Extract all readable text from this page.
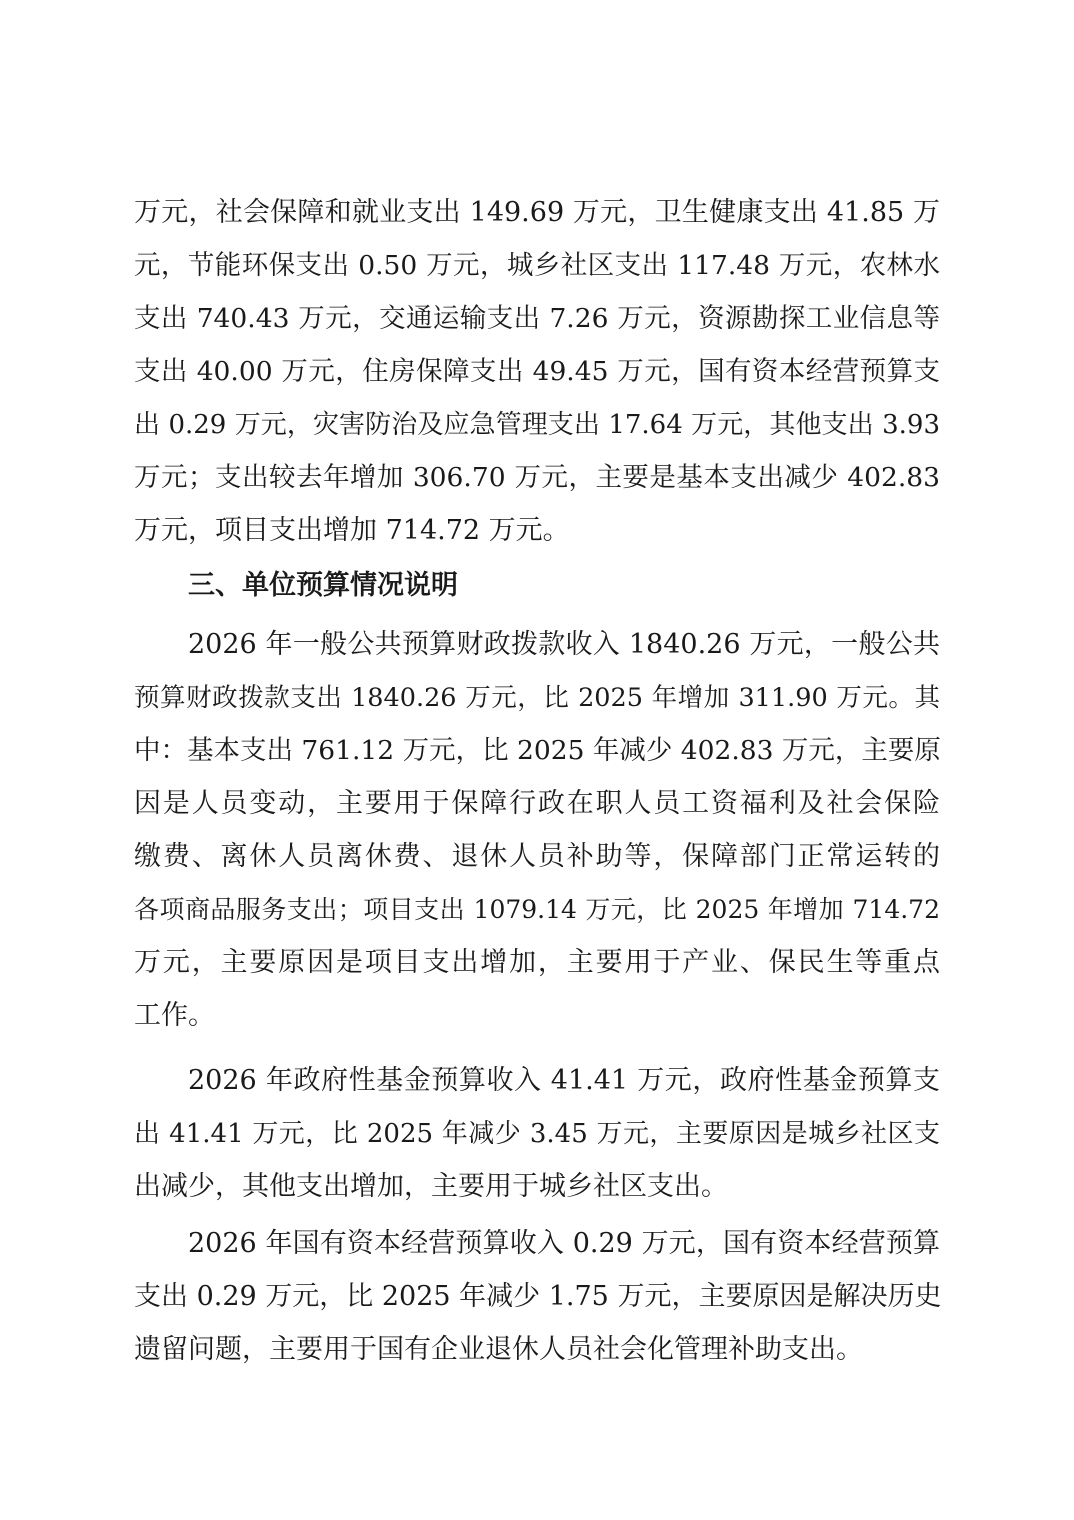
万元，社会保障和就业支出 149.69 万元，卫生健康支出 41.85 万
元，节能环保支出 0.50 万元，城乡社区支出 117.48 万元，农林水
支出 740.43 万元，交通运输支出 7.26 万元，资源勘探工业信息等
支出 40.00 万元，住房保障支出 49.45 万元，国有资本经营预算支
出 0.29 万元，灾害防治及应急管理支出 17.64 万元，其他支出 3.93
万元；支出较去年增加 306.70 万元，主要是基本支出减少 402.83
万元，项目支出增加 714.72 万元。
三、单位预算情况说明
2026 年一般公共预算财政拨款收入 1840.26 万元，一般公共
预算财政拨款支出 1840.26 万元，比 2025 年增加 311.90 万元。其
中：基本支出 761.12 万元，比 2025 年减少 402.83 万元，主要原
因是人员变动，主要用于保障行政在职人员工资福利及社会保险
缴费、离休人员离休费、退休人员补助等，保障部门正常运转的
各项商品服务支出；项目支出 1079.14 万元，比 2025 年增加 714.72
万元，主要原因是项目支出增加，主要用于产业、保民生等重点
工作。
2026 年政府性基金预算收入 41.41 万元，政府性基金预算支
出 41.41 万元，比 2025 年减少 3.45 万元，主要原因是城乡社区支
出减少，其他支出增加，主要用于城乡社区支出。
2026 年国有资本经营预算收入 0.29 万元，国有资本经营预算
支出 0.29 万元，比 2025 年减少 1.75 万元，主要原因是解决历史
遗留问题，主要用于国有企业退休人员社会化管理补助支出。
